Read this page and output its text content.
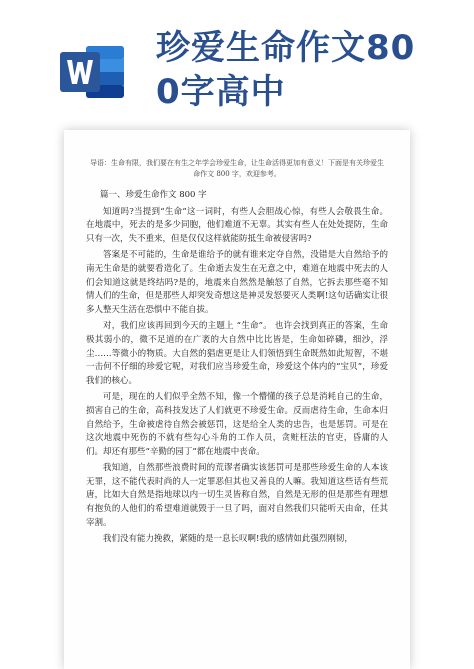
珍爱生命作文80
0字高中

导语：生命有限，我们要在有生之年学会珍爱生命，让生命活得更加有意义！下面是有关珍爱生命作文 800 字，欢迎参考。

篇一、珍爱生命作文 800 字

知道吗?当提到“生命”这一词时，有些人会胆战心惊，有些人会敬畏生命。在地震中，死去的是多少同胞，他们难道不无辜。其实有些人在处处提防，生命只有一次，失不重来，但是仅仅这样就能防抵生命被侵害吗?

答案是不可能的，生命是谁给予的就有谁来定夺自然，没错是大自然给予的南无生命是的就要看造化了。生命逝去发生在无意之中，难道在地震中死去的人们会知道这就是终结吗?是的，地震来自然然是触怒了自然，它拆去那些毫不知情人们的生命，但是那些人却突发奇想这是神灵发怒要灭人类啊!这句话确实让很多人整天生活在恐惧中不能自拔。

对，我们应该再回到今天的主题上 “生命”。 也许会找到真正的答案，生命极其弱小的，微不足道的在广袤的大自然中比比皆是，生命如碎磷，细沙，浮尘……等微小的物质。大自然的猖虐更是让人们领悟到生命既然如此短智，不堪一击何不仔细的珍爱它呢，对我们应当珍爱生命，珍爱这个体内的“宝贝”，珍爱我们的核心。

可是，现在的人们似乎全然不知，像一个懵懂的孩子总是消耗自己的生命，损害自己的生命，高科技发达了人们就更不珍爱生命。反而虐待生命，生命本归自然给予，生命被虐待自然会被惩罚，这是给全人类的忠告，也是惩罚。可是在这次地震中死伤的不就有些勾心斗角的工作人员，贪赃枉法的官吏，昏庸的人们。却还有那些“辛勤的园丁”都在地震中丧命。

我知道，自然那些浪费时间的荒谬者确实该惩罚可是那些珍爱生命的人本该无罪，这不能代表时尚的人一定罪恶但其也又善良的人嘛。我知道这些话有些荒唐，比如大自然是指地球以内一切生灵皆称自然，自然是无形的但是那些有理想有抱负的人他们的希望难道就毁于一旦了吗，面对自然我们只能听天由命，任其宰割。

我们没有能力挽救，紧随的是一息长叹啊!我的感情如此强烈刚韧，
